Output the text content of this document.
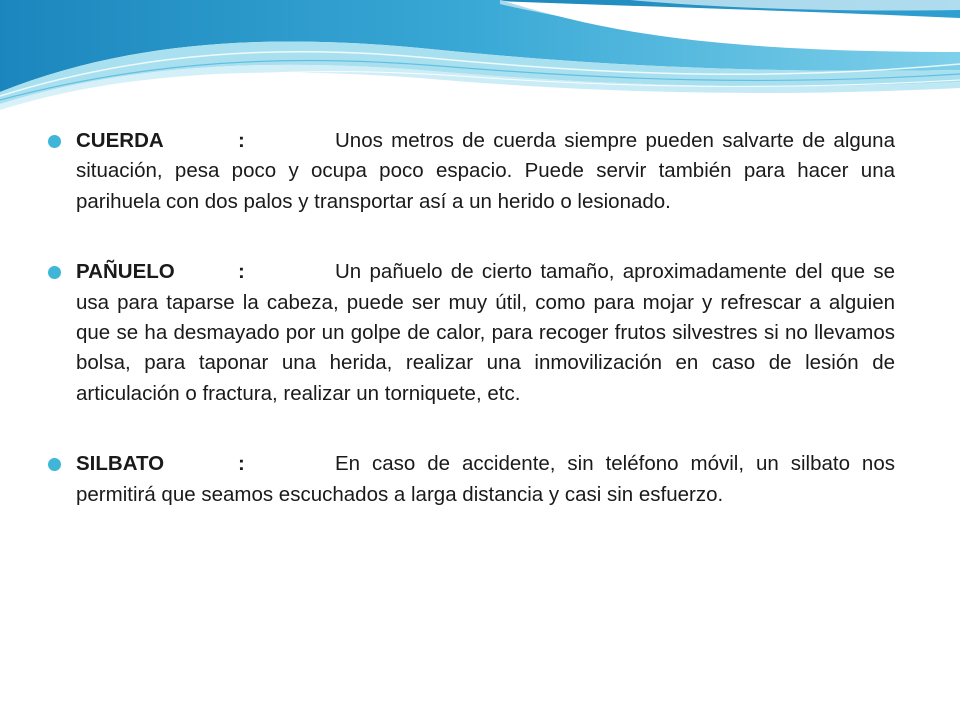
CUERDA	:	Unos metros de cuerda siempre pueden salvarte de alguna situación, pesa poco y ocupa poco espacio. Puede servir también para hacer una parihuela con dos palos y transportar así a un herido o lesionado.
PAÑUELO	:	Un pañuelo de cierto tamaño, aproximadamente del que se usa para taparse la cabeza, puede ser muy útil, como para mojar y refrescar a alguien que se ha desmayado por un golpe de calor, para recoger frutos silvestres si no llevamos bolsa, para taponar una herida, realizar una inmovilización en caso de lesión de articulación o fractura, realizar un torniquete, etc.
SILBATO	:	En caso de accidente, sin teléfono móvil, un silbato nos permitirá que seamos escuchados a larga distancia y casi sin esfuerzo.
